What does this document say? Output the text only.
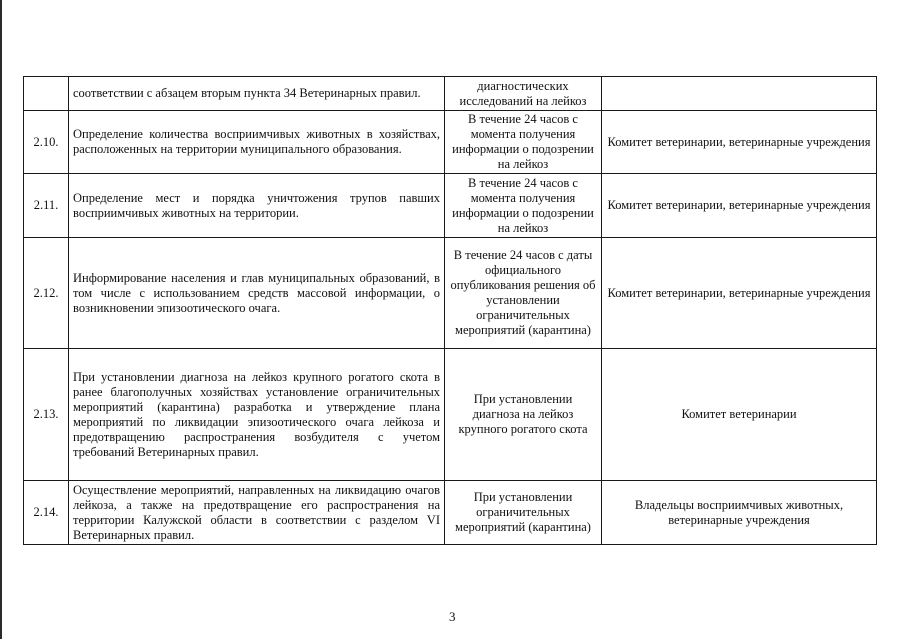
	соответствии с абзацем вторым пункта 34 Ветеринарных правил.	диагностических исследований на лейкоз	
2.10.	Определение количества восприимчивых животных в хозяйствах, расположенных на территории муниципального образования.	В течение 24 часов с момента получения информации о подозрении на лейкоз	Комитет ветеринарии, ветеринарные учреждения
2.11.	Определение мест и порядка уничтожения трупов павших восприимчивых животных на территории.	В течение 24 часов с момента получения информации о подозрении на лейкоз	Комитет ветеринарии, ветеринарные учреждения
2.12.	Информирование населения и глав муниципальных образований, в том числе с использованием средств массовой информации, о возникновении эпизоотического очага.	В течение 24 часов с даты официального опубликования решения об установлении ограничительных мероприятий (карантина)	Комитет ветеринарии, ветеринарные учреждения
2.13.	При установлении диагноза на лейкоз крупного рогатого скота в ранее благополучных хозяйствах установление ограничительных мероприятий (карантина) разработка и утверждение плана мероприятий по ликвидации эпизоотического очага лейкоза и предотвращению распространения возбудителя с учетом требований Ветеринарных правил.	При установлении диагноза на лейкоз крупного рогатого скота	Комитет ветеринарии
2.14.	Осуществление мероприятий, направленных на ликвидацию очагов лейкоза, а также на предотвращение его распространения на территории Калужской области в соответствии с разделом VI Ветеринарных правил.	При установлении ограничительных мероприятий (карантина)	Владельцы восприимчивых животных, ветеринарные учреждения
3
